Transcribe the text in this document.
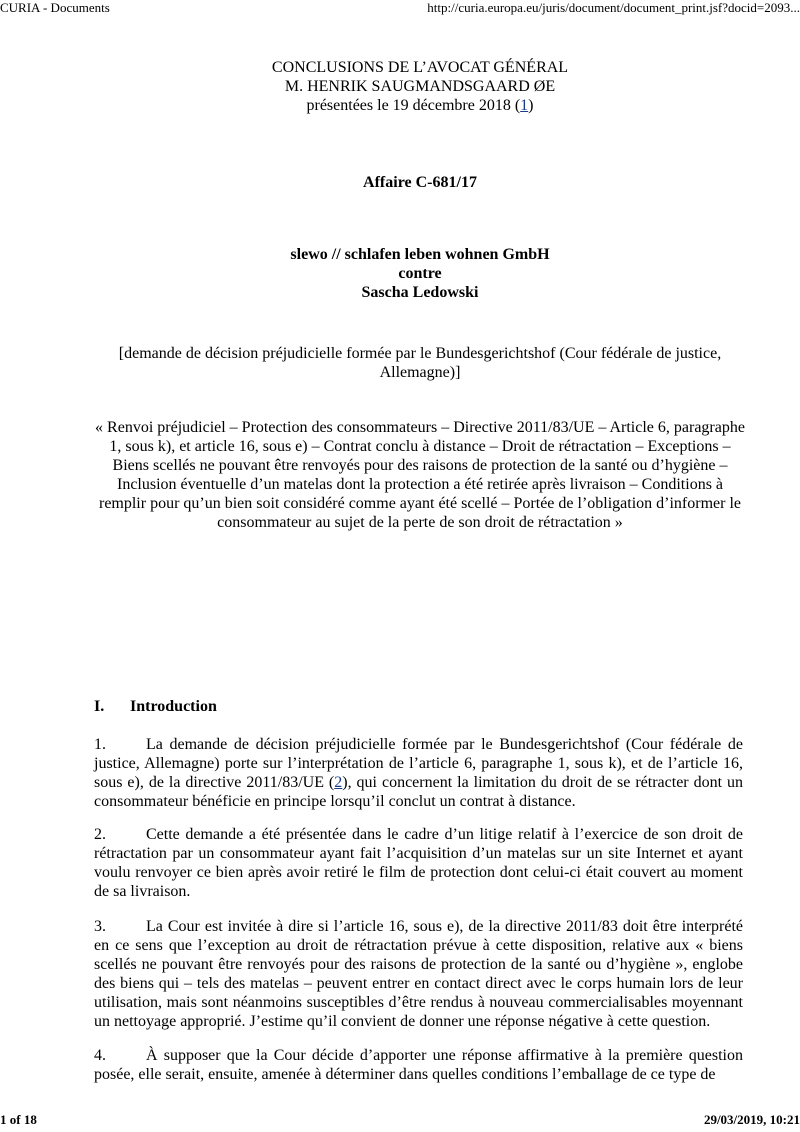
CURIA - Documents	http://curia.europa.eu/juris/document/document_print.jsf?docid=2093...
CONCLUSIONS DE L’AVOCAT GÉNÉRAL
M. HENRIK SAUGMANDSGAARD ØE
présentées le 19 décembre 2018 (1)
Affaire C-681/17
slewo // schlafen leben wohnen GmbH
contre
Sascha Ledowski
[demande de décision préjudicielle formée par le Bundesgerichtshof (Cour fédérale de justice, Allemagne)]
« Renvoi préjudiciel – Protection des consommateurs – Directive 2011/83/UE – Article 6, paragraphe 1, sous k), et article 16, sous e) – Contrat conclu à distance – Droit de rétractation – Exceptions – Biens scellés ne pouvant être renvoyés pour des raisons de protection de la santé ou d’hygiène – Inclusion éventuelle d’un matelas dont la protection a été retirée après livraison – Conditions à remplir pour qu’un bien soit considéré comme ayant été scellé – Portée de l’obligation d’informer le consommateur au sujet de la perte de son droit de rétractation »
I. Introduction

1.	La demande de décision préjudicielle formée par le Bundesgerichtshof (Cour fédérale de justice, Allemagne) porte sur l’interprétation de l’article 6, paragraphe 1, sous k), et de l’article 16, sous e), de la directive 2011/83/UE (2), qui concernent la limitation du droit de se rétracter dont un consommateur bénéficie en principe lorsqu’il conclut un contrat à distance.

2.	Cette demande a été présentée dans le cadre d’un litige relatif à l’exercice de son droit de rétractation par un consommateur ayant fait l’acquisition d’un matelas sur un site Internet et ayant voulu renvoyer ce bien après avoir retiré le film de protection dont celui-ci était couvert au moment de sa livraison.

3.	La Cour est invitée à dire si l’article 16, sous e), de la directive 2011/83 doit être interprété en ce sens que l’exception au droit de rétractation prévue à cette disposition, relative aux « biens scellés ne pouvant être renvoyés pour des raisons de protection de la santé ou d’hygiène », englobe des biens qui – tels des matelas – peuvent entrer en contact direct avec le corps humain lors de leur utilisation, mais sont néanmoins susceptibles d’être rendus à nouveau commercialisables moyennant un nettoyage approprié. J’estime qu’il convient de donner une réponse négative à cette question.

4.	À supposer que la Cour décide d’apporter une réponse affirmative à la première question posée, elle serait, ensuite, amenée à déterminer dans quelles conditions l’emballage de ce type de

1 of 18	29/03/2019, 10:21
